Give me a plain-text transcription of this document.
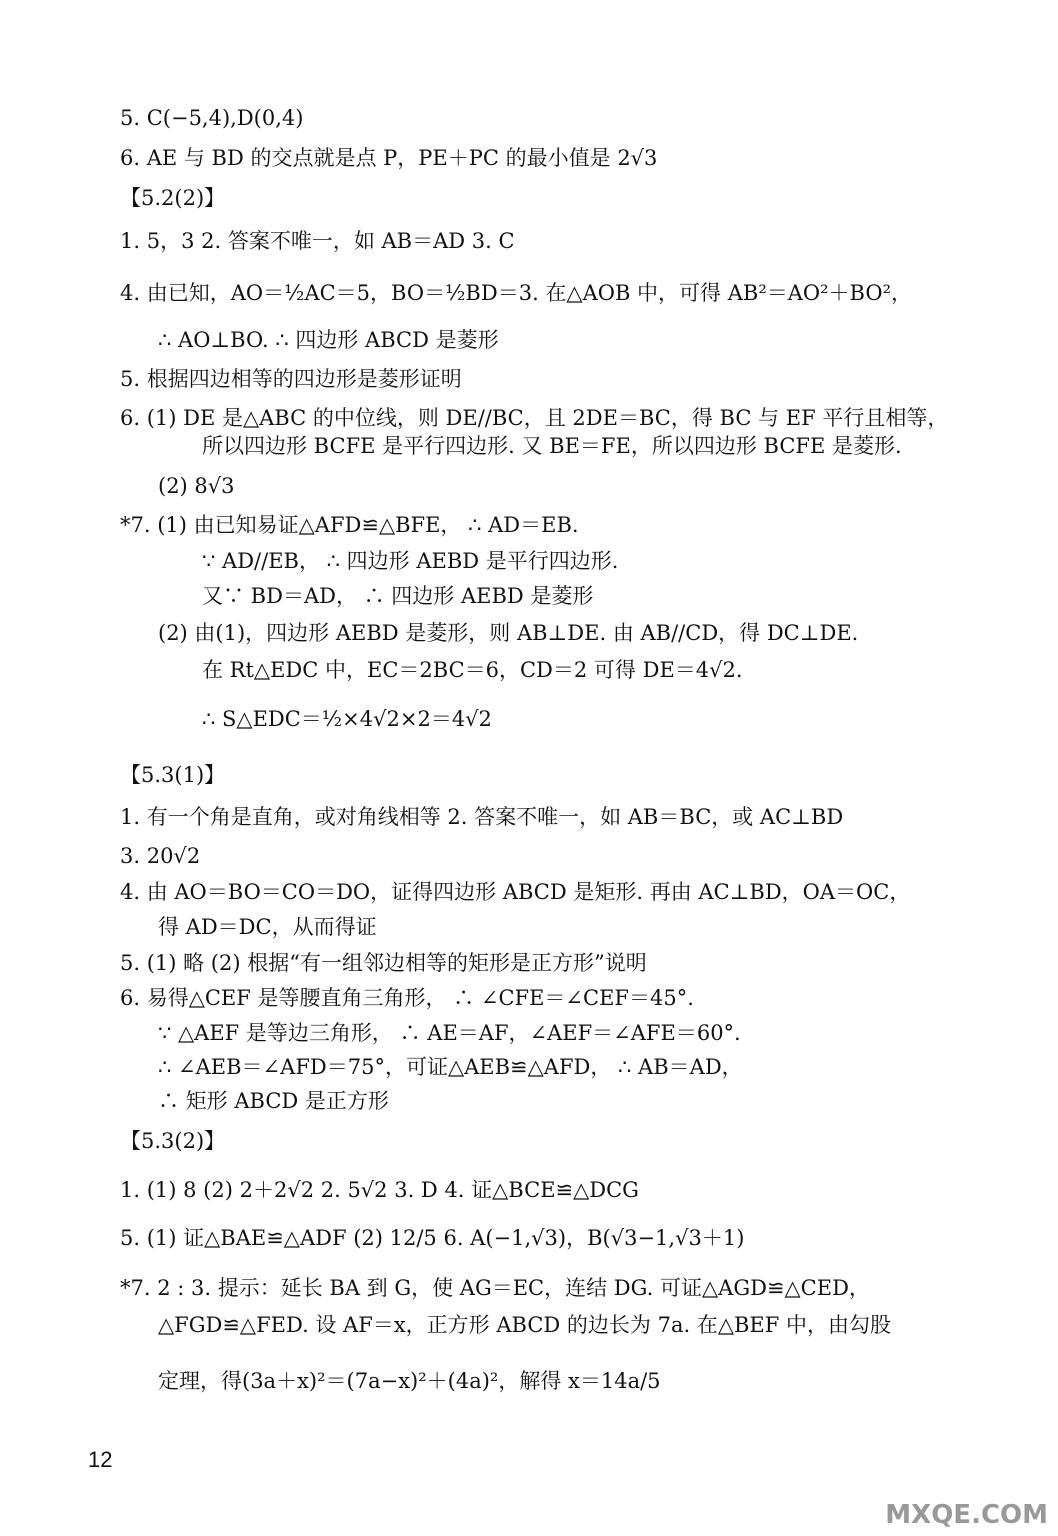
5. C(−5,4),D(0,4)
6. AE 与 BD 的交点就是点 P，PE＋PC 的最小值是 2√3
【5.2(2)】
1. 5，3 2. 答案不唯一，如 AB＝AD 3. C
4. 由已知，AO＝½AC＝5，BO＝½BD＝3. 在△AOB 中，可得 AB²＝AO²＋BO²，
∴ AO⊥BO. ∴ 四边形 ABCD 是菱形
5. 根据四边相等的四边形是菱形证明
6. (1) DE 是△ABC 的中位线，则 DE//BC，且 2DE＝BC，得 BC 与 EF 平行且相等，
所以四边形 BCFE 是平行四边形. 又 BE＝FE，所以四边形 BCFE 是菱形.
(2) 8√3
*7. (1) 由已知易证△AFD≌△BFE， ∴ AD＝EB.
∵ AD//EB， ∴ 四边形 AEBD 是平行四边形.
又∵ BD＝AD， ∴ 四边形 AEBD 是菱形
(2) 由(1)，四边形 AEBD 是菱形，则 AB⊥DE. 由 AB//CD，得 DC⊥DE.
在 Rt△EDC 中，EC＝2BC＝6，CD＝2 可得 DE＝4√2.
∴ S△EDC＝½×4√2×2＝4√2
【5.3(1)】
1. 有一个角是直角，或对角线相等 2. 答案不唯一，如 AB＝BC，或 AC⊥BD
3. 20√2
4. 由 AO＝BO＝CO＝DO，证得四边形 ABCD 是矩形. 再由 AC⊥BD，OA＝OC，
得 AD＝DC，从而得证
5. (1) 略 (2) 根据“有一组邻边相等的矩形是正方形”说明
6. 易得△CEF 是等腰直角三角形， ∴ ∠CFE＝∠CEF＝45°.
∵ △AEF 是等边三角形， ∴ AE＝AF，∠AEF＝∠AFE＝60°.
∴ ∠AEB＝∠AFD＝75°，可证△AEB≌△AFD， ∴ AB＝AD，
∴ 矩形 ABCD 是正方形
【5.3(2)】
1. (1) 8 (2) 2＋2√2 2. 5√2 3. D 4. 证△BCE≌△DCG
5. (1) 证△BAE≌△ADF (2) 12/5 6. A(−1,√3)，B(√3−1,√3＋1)
*7. 2 : 3. 提示：延长 BA 到 G，使 AG＝EC，连结 DG. 可证△AGD≌△CED，
△FGD≌△FED. 设 AF＝x，正方形 ABCD 的边长为 7a. 在△BEF 中，由勾股
定理，得(3a＋x)²＝(7a−x)²＋(4a)²，解得 x＝14a/5
12
MXQE.COM
